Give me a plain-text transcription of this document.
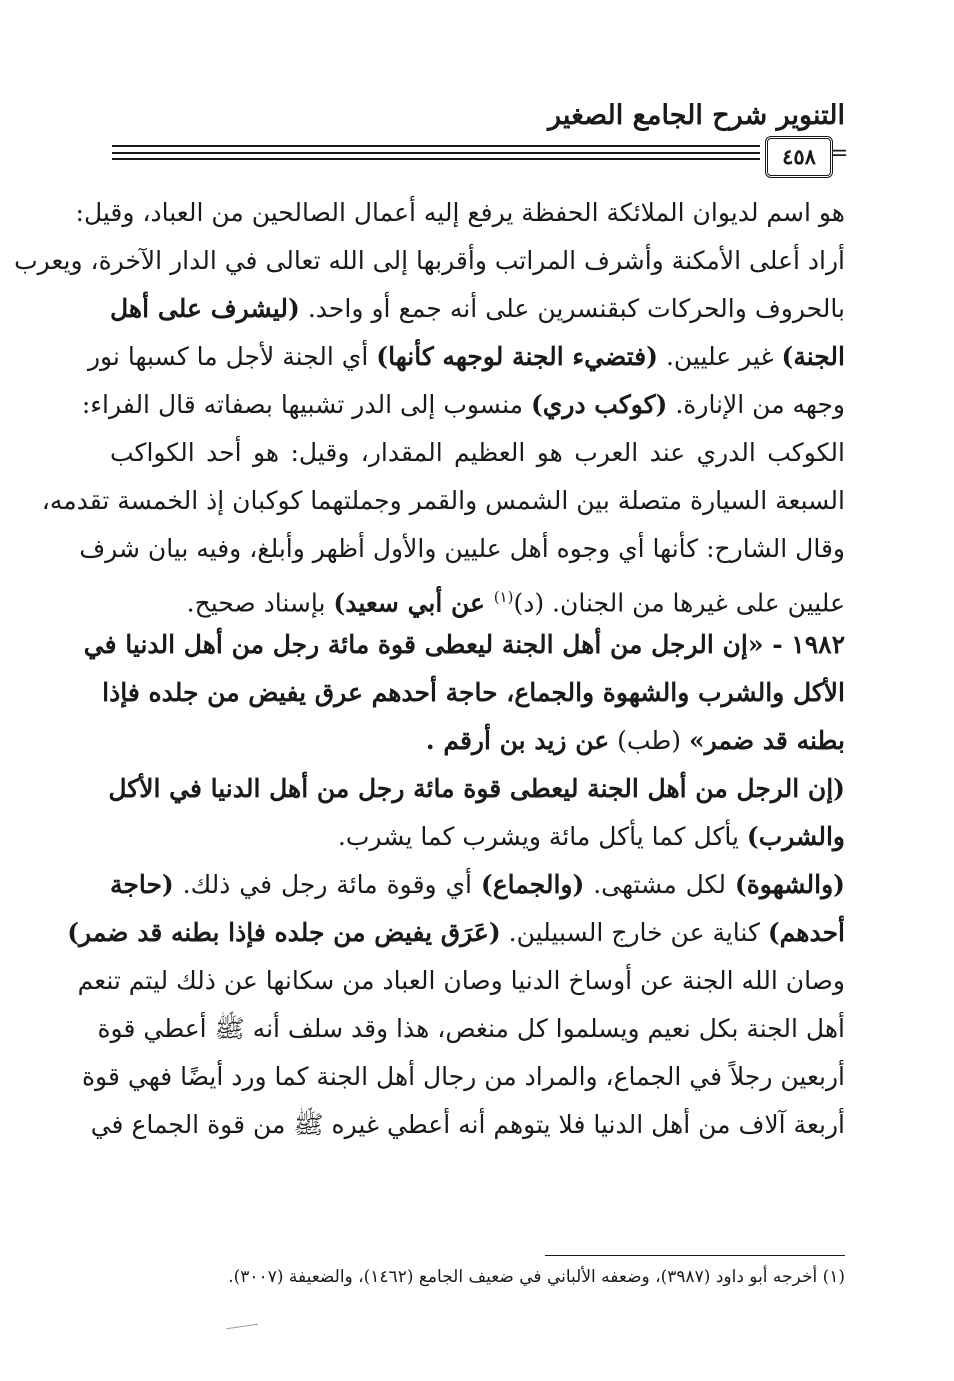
التنوير شرح الجامع الصغير
=
٤٥٨
هو اسم لديوان الملائكة الحفظة يرفع إليه أعمال الصالحين من العباد، وقيل:
أراد أعلى الأمكنة وأشرف المراتب وأقربها إلى الله تعالى في الدار الآخرة، ويعرب
بالحروف والحركات كبقنسرين على أنه جمع أو واحد. (ليشرف على أهل
الجنة) غير عليين. (فتضيء الجنة لوجهه كأنها) أي الجنة لأجل ما كسبها نور
وجهه من الإنارة. (كوكب دري) منسوب إلى الدر تشبيها بصفاته قال الفراء:
الكوكب الدري عند العرب هو العظيم المقدار، وقيل: هو أحد الكواكب
السبعة السيارة متصلة بين الشمس والقمر وجملتهما كوكبان إذ الخمسة تقدمه،
وقال الشارح: كأنها أي وجوه أهل عليين والأول أظهر وأبلغ، وفيه بيان شرف
عليين على غيرها من الجنان. (د)$^{(١)}$ عن أبي سعيد) بإسناد صحيح.
١٩٨٢ - «إن الرجل من أهل الجنة ليعطى قوة مائة رجل من أهل الدنيا في
الأكل والشرب والشهوة والجماع، حاجة أحدهم عرق يفيض من جلده فإذا
بطنه قد ضمر» (طب) عن زيد بن أرقم .
(إن الرجل من أهل الجنة ليعطى قوة مائة رجل من أهل الدنيا في الأكل
والشرب) يأكل كما يأكل مائة ويشرب كما يشرب.
(والشهوة) لكل مشتهى. (والجماع) أي وقوة مائة رجل في ذلك. (حاجة
أحدهم) كناية عن خارج السبيلين. (عَرَق يفيض من جلده فإذا بطنه قد ضمر)
وصان الله الجنة عن أوساخ الدنيا وصان العباد من سكانها عن ذلك ليتم تنعم
أهل الجنة بكل نعيم ويسلموا كل منغص، هذا وقد سلف أنه ﷺ أعطي قوة
أربعين رجلاً في الجماع، والمراد من رجال أهل الجنة كما ورد أيضًا فهي قوة
أربعة آلاف من أهل الدنيا فلا يتوهم أنه أعطي غيره ﷺ من قوة الجماع في
(١) أخرجه أبو داود (٣٩٨٧)، وضعفه الألباني في ضعيف الجامع (١٤٦٢)، والضعيفة (٣٠٠٧).
